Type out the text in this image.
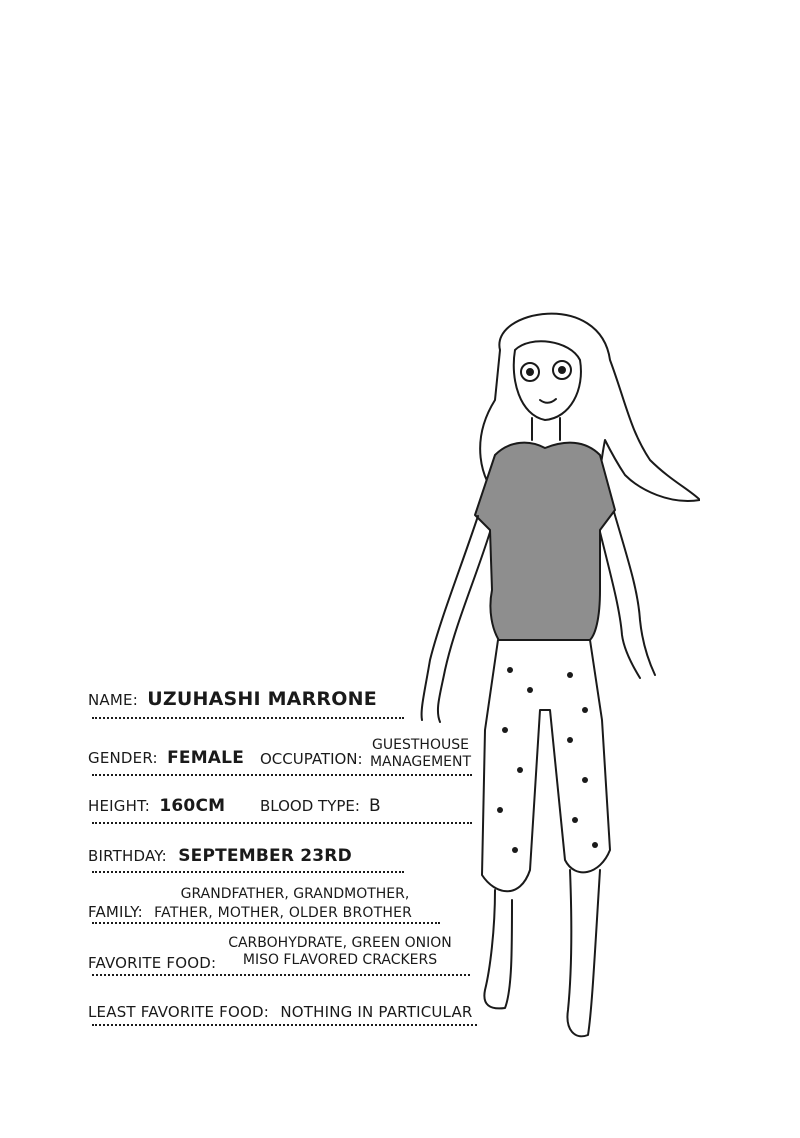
NAME: UZUHASHI MARRONE
GENDER: FEMALE OCCUPATION:
GUESTHOUSE
MANAGEMENT
HEIGHT: 160CM BLOOD TYPE: B
BIRTHDAY: SEPTEMBER 23RD
GRANDFATHER, GRANDMOTHER,
FAMILY: FATHER, MOTHER, OLDER BROTHER
CARBOHYDRATE, GREEN ONION
MISO FLAVORED CRACKERS
FAVORITE FOOD:
LEAST FAVORITE FOOD: NOTHING IN PARTICULAR
